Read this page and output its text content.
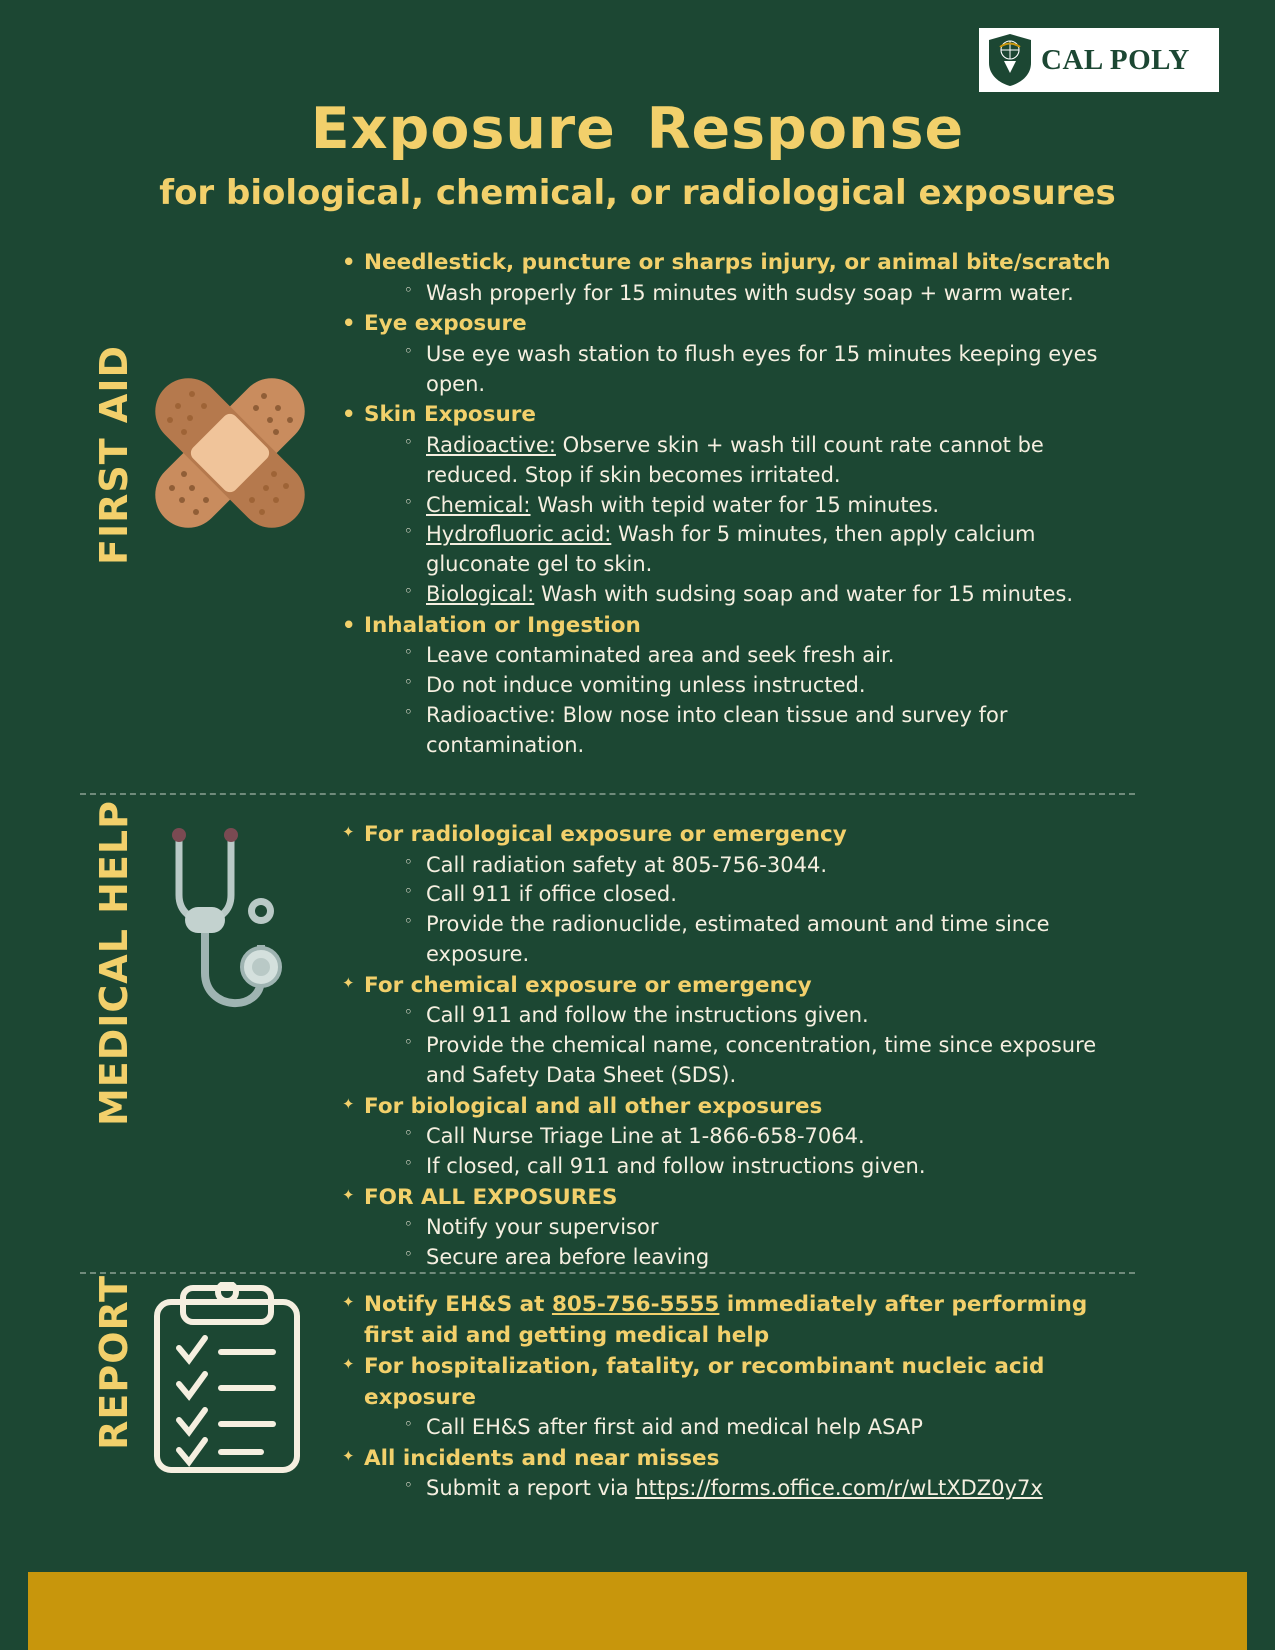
CAL POLY
Exposure Response
for biological, chemical, or radiological exposures
FIRST AID
MEDICAL HELP
REPORT
• Needlestick, puncture or sharps injury, or animal bite/scratch
◦ Wash properly for 15 minutes with sudsy soap + warm water.
• Eye exposure
◦ Use eye wash station to flush eyes for 15 minutes keeping eyes open.
• Skin Exposure
◦ Radioactive: Observe skin + wash till count rate cannot be reduced. Stop if skin becomes irritated.
◦ Chemical: Wash with tepid water for 15 minutes.
◦ Hydrofluoric acid: Wash for 5 minutes, then apply calcium gluconate gel to skin.
◦ Biological: Wash with sudsing soap and water for 15 minutes.
• Inhalation or Ingestion
◦ Leave contaminated area and seek fresh air.
◦ Do not induce vomiting unless instructed.
◦ Radioactive: Blow nose into clean tissue and survey for contamination.
✦ For radiological exposure or emergency
◦ Call radiation safety at 805-756-3044.
◦ Call 911 if office closed.
◦ Provide the radionuclide, estimated amount and time since exposure.
✦ For chemical exposure or emergency
◦ Call 911 and follow the instructions given.
◦ Provide the chemical name, concentration, time since exposure and Safety Data Sheet (SDS).
✦ For biological and all other exposures
◦ Call Nurse Triage Line at 1-866-658-7064.
◦ If closed, call 911 and follow instructions given.
✦ FOR ALL EXPOSURES
◦ Notify your supervisor
◦ Secure area before leaving
✦ Notify EH&S at 805-756-5555 immediately after performing first aid and getting medical help
✦ For hospitalization, fatality, or recombinant nucleic acid exposure
◦ Call EH&S after first aid and medical help ASAP
✦ All incidents and near misses
◦ Submit a report via https://forms.office.com/r/wLtXDZ0y7x
